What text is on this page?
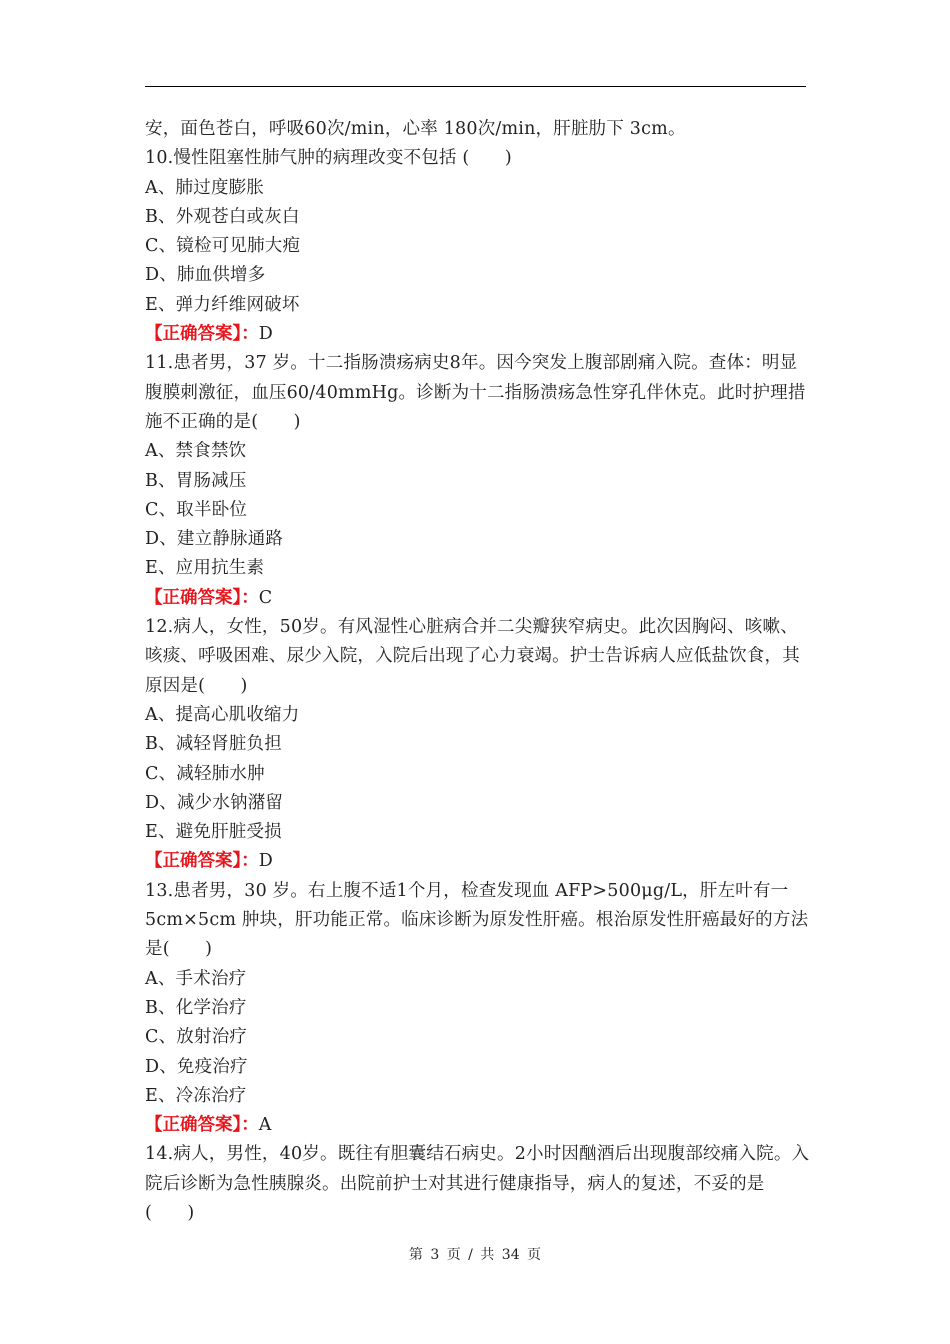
安，面色苍白，呼吸60次/min，心率 180次/min，肝脏肋下 3cm。
10.慢性阻塞性肺气肿的病理改变不包括 (　　)
A、肺过度膨胀
B、外观苍白或灰白
C、镜检可见肺大疱
D、肺血供增多
E、弹力纤维网破坏
【正确答案】：D
11.患者男，37 岁。十二指肠溃疡病史8年。因今突发上腹部剧痛入院。查体：明显腹膜刺激征，血压60/40mmHg。诊断为十二指肠溃疡急性穿孔伴休克。此时护理措施不正确的是(　　)
A、禁食禁饮
B、胃肠减压
C、取半卧位
D、建立静脉通路
E、应用抗生素
【正确答案】：C
12.病人，女性，50岁。有风湿性心脏病合并二尖瓣狭窄病史。此次因胸闷、咳嗽、咳痰、呼吸困难、尿少入院，入院后出现了心力衰竭。护士告诉病人应低盐饮食，其原因是(　　)
A、提高心肌收缩力
B、减轻肾脏负担
C、减轻肺水肿
D、减少水钠潴留
E、避免肝脏受损
【正确答案】：D
13.患者男，30 岁。右上腹不适1个月，检查发现血 AFP>500μg/L，肝左叶有一5cm×5cm 肿块，肝功能正常。临床诊断为原发性肝癌。根治原发性肝癌最好的方法是(　　)
A、手术治疗
B、化学治疗
C、放射治疗
D、免疫治疗
E、冷冻治疗
【正确答案】：A
14.病人，男性，40岁。既往有胆囊结石病史。2小时因酗酒后出现腹部绞痛入院。入院后诊断为急性胰腺炎。出院前护士对其进行健康指导，病人的复述，不妥的是(　　)
第 3 页 / 共 34 页
